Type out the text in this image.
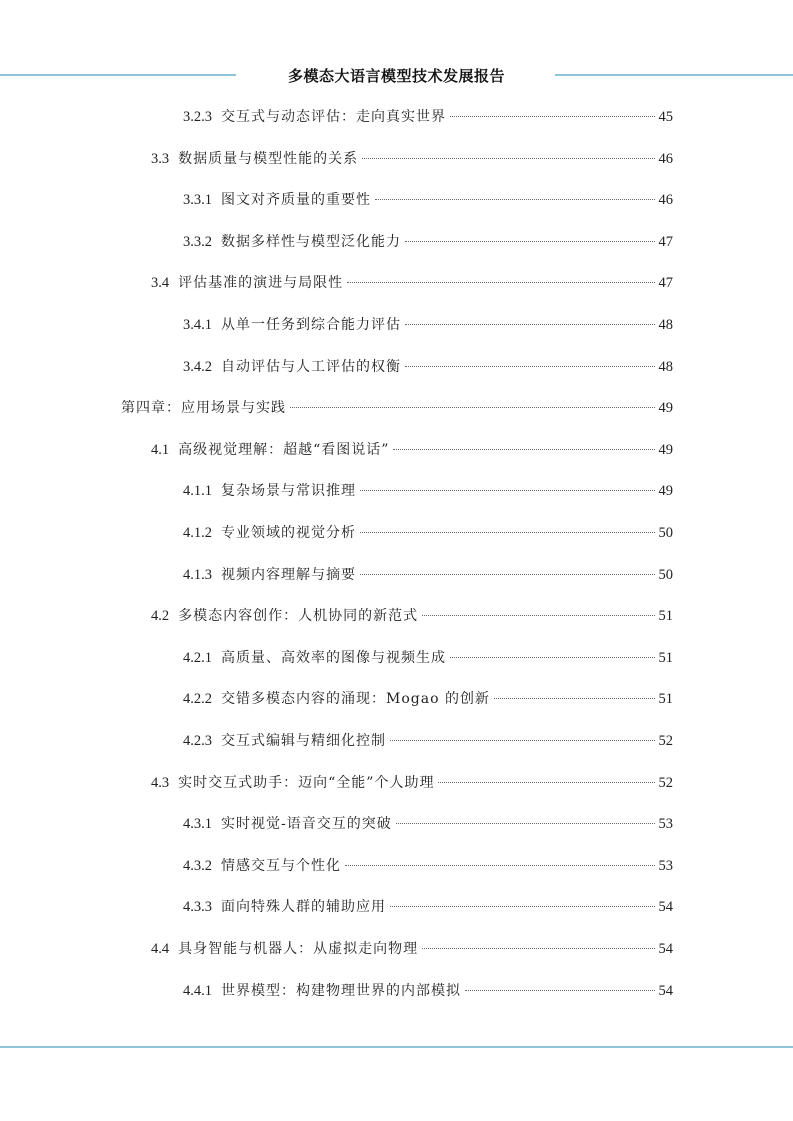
多模态大语言模型技术发展报告
3.2.3 交互式与动态评估：走向真实世界	45
3.3 数据质量与模型性能的关系	46
3.3.1 图文对齐质量的重要性	46
3.3.2 数据多样性与模型泛化能力	47
3.4 评估基准的演进与局限性	47
3.4.1 从单一任务到综合能力评估	48
3.4.2 自动评估与人工评估的权衡	48
第四章：应用场景与实践	49
4.1 高级视觉理解：超越“看图说话”	49
4.1.1 复杂场景与常识推理	49
4.1.2 专业领域的视觉分析	50
4.1.3 视频内容理解与摘要	50
4.2 多模态内容创作：人机协同的新范式	51
4.2.1 高质量、高效率的图像与视频生成	51
4.2.2 交错多模态内容的涌现：Mogao 的创新	51
4.2.3 交互式编辑与精细化控制	52
4.3 实时交互式助手：迈向“全能”个人助理	52
4.3.1 实时视觉-语音交互的突破	53
4.3.2 情感交互与个性化	53
4.3.3 面向特殊人群的辅助应用	54
4.4 具身智能与机器人：从虚拟走向物理	54
4.4.1 世界模型：构建物理世界的内部模拟	54
